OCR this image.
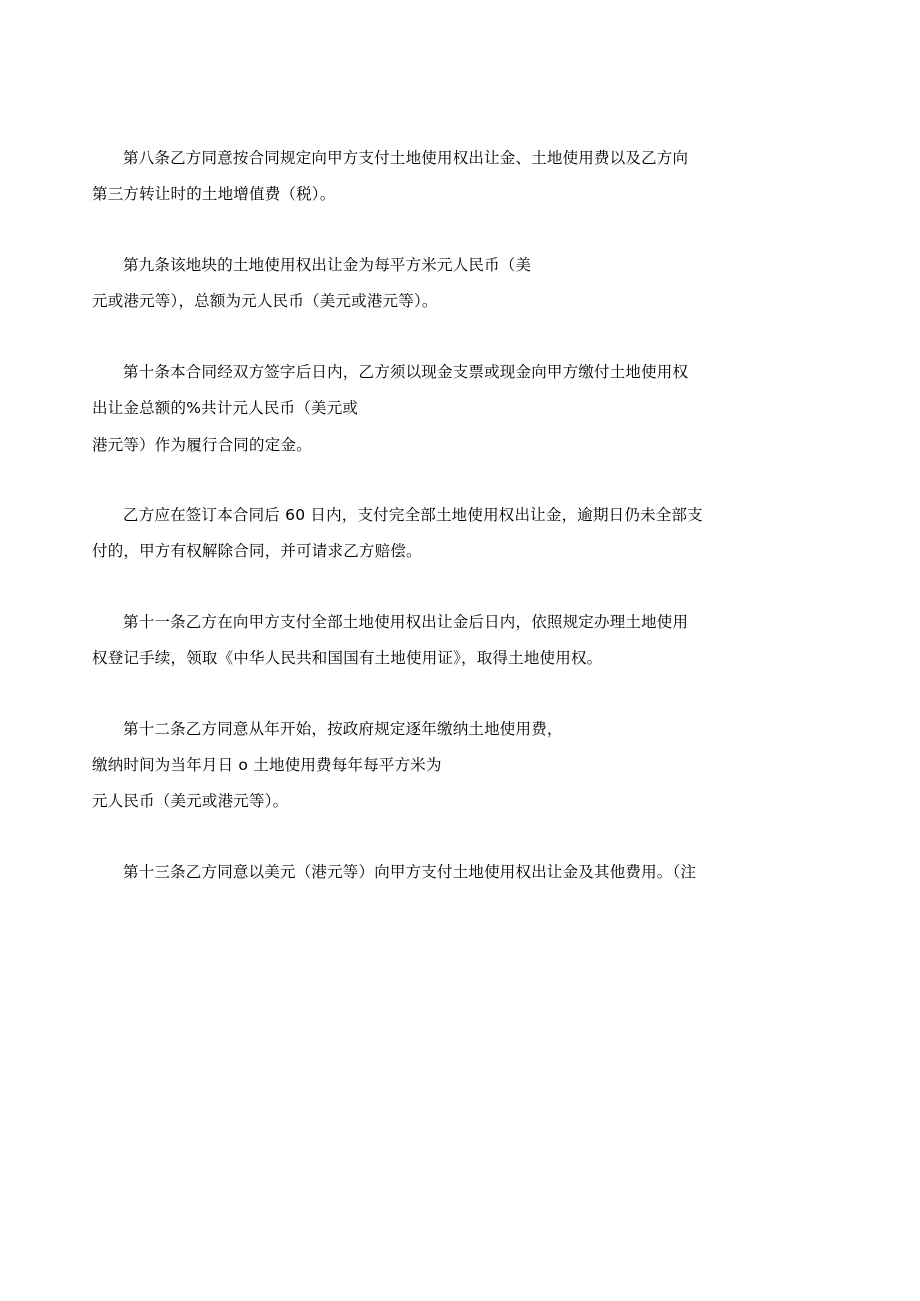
第八条乙方同意按合同规定向甲方支付土地使用权出让金、土地使用费以及乙方向
第三方转让时的土地增值费（税）。
第九条该地块的土地使用权出让金为每平方米元人民币（美
元或港元等），总额为元人民币（美元或港元等）。
第十条本合同经双方签字后日内，乙方须以现金支票或现金向甲方缴付土地使用权
出让金总额的%共计元人民币（美元或
港元等）作为履行合同的定金。
乙方应在签订本合同后 60 日内，支付完全部土地使用权出让金，逾期日仍未全部支
付的，甲方有权解除合同，并可请求乙方赔偿。
第十一条乙方在向甲方支付全部土地使用权出让金后日内，依照规定办理土地使用
权登记手续，领取《中华人民共和国国有土地使用证》，取得土地使用权。
第十二条乙方同意从年开始，按政府规定逐年缴纳土地使用费，
缴纳时间为当年月日 o 土地使用费每年每平方米为
元人民币（美元或港元等）。
第十三条乙方同意以美元（港元等）向甲方支付土地使用权出让金及其他费用。（注
